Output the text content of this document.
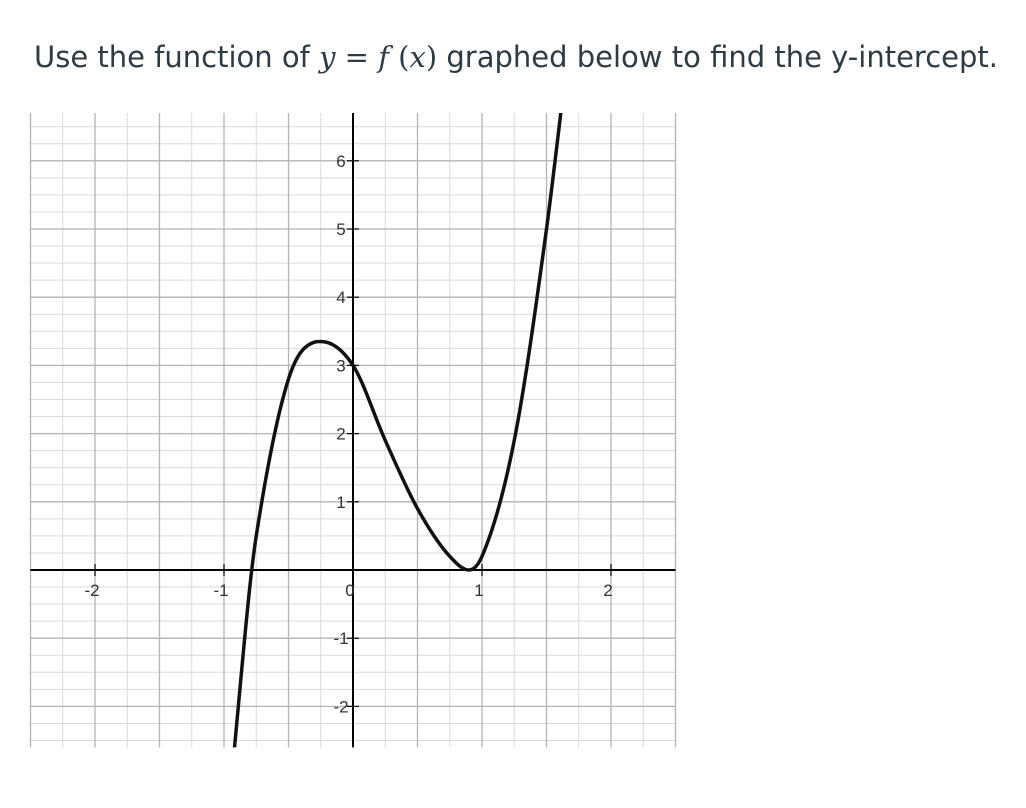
Use the function of y = f (x) graphed below to find the y-intercept.
-2	-1	0	1	2
6
5
4
3
2
1
-1
-2
